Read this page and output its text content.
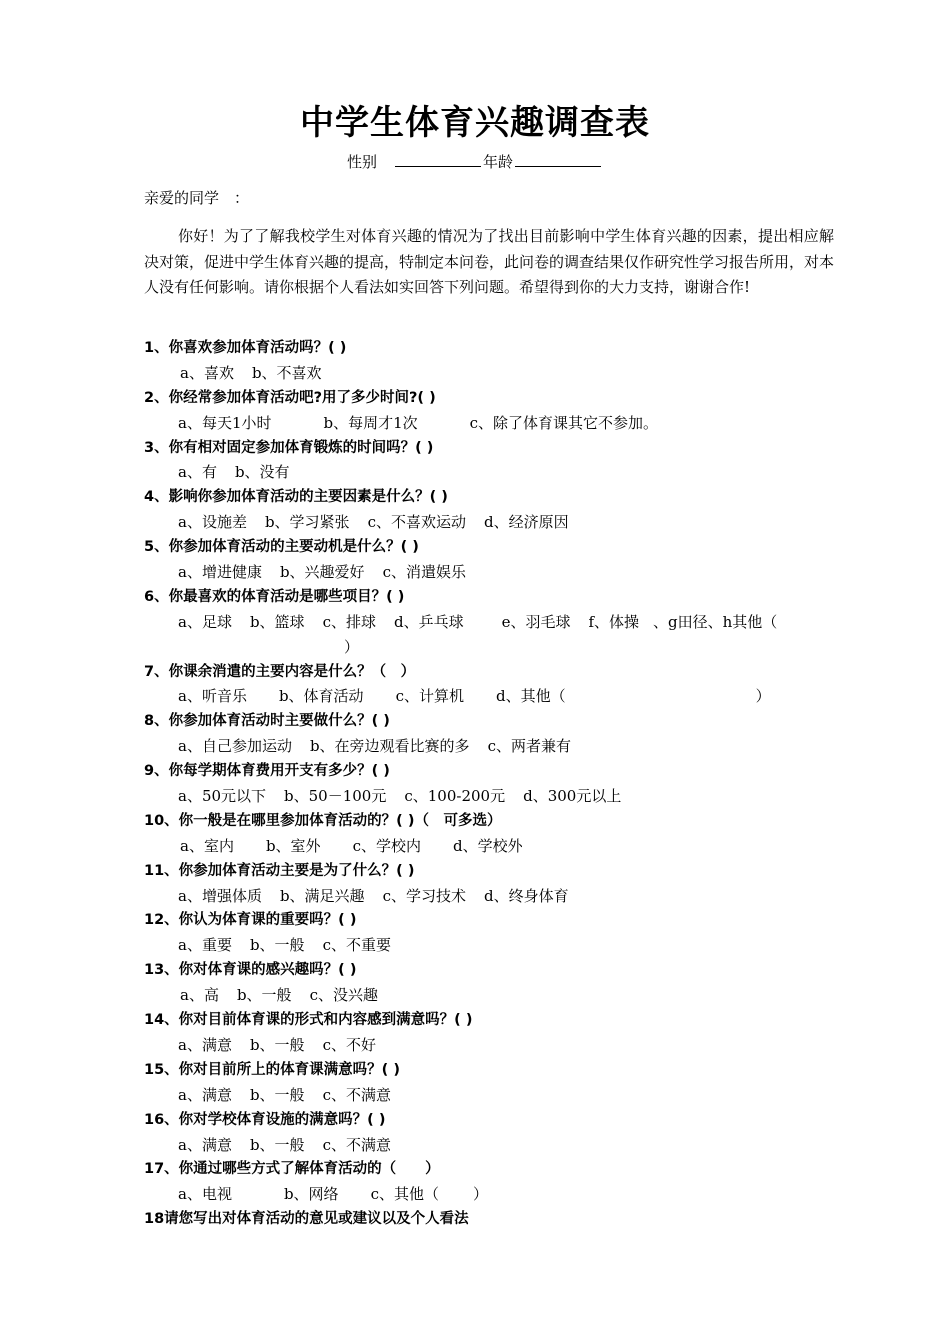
中学生体育兴趣调查表
性别	年龄
亲爱的同学　：
你好！为了了解我校学生对体育兴趣的情况为了找出目前影响中学生体育兴趣的因素，提出相应解决对策，促进中学生体育兴趣的提高，特制定本问卷，此问卷的调查结果仅作研究性学习报告所用，对本人没有任何影响。请你根据个人看法如实回答下列问题。希望得到你的大力支持，谢谢合作!
1、你喜欢参加体育活动吗？( )
a、喜欢 b、不喜欢
2、你经常参加体育活动吧?用了多少时间?( )
a、每天1小时	b、每周才1次	c、除了体育课其它不参加。
3、你有相对固定参加体育锻炼的时间吗？( )
a、有 b、没有
4、影响你参加体育活动的主要因素是什么？( )
a、设施差 b、学习紧张 c、不喜欢运动 d、经济原因
5、你参加体育活动的主要动机是什么？( )
a、增进健康 b、兴趣爱好 c、消遣娱乐
6、你最喜欢的体育活动是哪些项目？( )
a、足球 b、篮球 c、排球 d、乒乓球	e、羽毛球 f、体操 、g田径、h其他（
）
7、你课余消遣的主要内容是什么？（　）
a、听音乐 b、体育活动 c、计算机 d、其他（	）
8、你参加体育活动时主要做什么？( )
a、自己参加运动 b、在旁边观看比赛的多 c、两者兼有
9、你每学期体育费用开支有多少？( )
a、50元以下 b、50－100元 c、100-200元 d、300元以上
10、你一般是在哪里参加体育活动的？( )（　可多选）
a、室内 b、室外 c、学校内 d、学校外
11、你参加体育活动主要是为了什么？( )
a、增强体质 b、满足兴趣 c、学习技术 d、终身体育
12、你认为体育课的重要吗？( )
a、重要 b、一般 c、不重要
13、你对体育课的感兴趣吗？( )
a、高 b、一般 c、没兴趣
14、你对目前体育课的形式和内容感到满意吗？( )
a、满意 b、一般 c、不好
15、你对目前所上的体育课满意吗？( )
a、满意 b、一般 c、不满意
16、你对学校体育设施的满意吗？( )
a、满意 b、一般 c、不满意
17、你通过哪些方式了解体育活动的（　　）
a、电视	b、网络 c、其他（ ）
18请您写出对体育活动的意见或建议以及个人看法
